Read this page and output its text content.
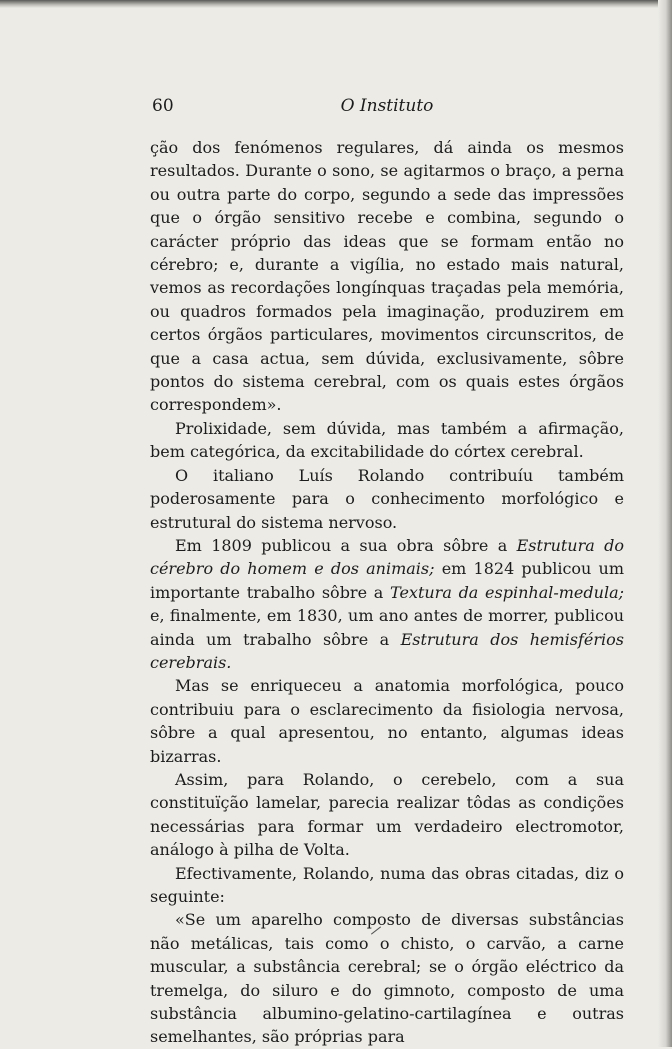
60	O Instituto

ção dos fenómenos regulares, dá ainda os mesmos resultados. Durante o sono, se agitarmos o braço, a perna ou outra parte do corpo, segundo a sede das impressões que o órgão sensitivo recebe e combina, segundo o carácter próprio das ideas que se formam então no cérebro; e, durante a vigília, no estado mais natural, vemos as recordações longínquas traçadas pela memória, ou quadros formados pela imaginação, produzirem em certos órgãos particulares, movimentos circunscritos, de que a casa actua, sem dúvida, exclusivamente, sôbre pontos do sistema cerebral, com os quais estes órgãos correspondem».

Prolixidade, sem dúvida, mas também a afirmação, bem categórica, da excitabilidade do córtex cerebral.

O italiano Luís Rolando contribuíu também poderosamente para o conhecimento morfológico e estrutural do sistema nervoso.

Em 1809 publicou a sua obra sôbre a Estrutura do cérebro do homem e dos animais; em 1824 publicou um importante trabalho sôbre a Textura da espinhal-medula; e, finalmente, em 1830, um ano antes de morrer, publicou ainda um trabalho sôbre a Estrutura dos hemisférios cerebrais.

Mas se enriqueceu a anatomia morfológica, pouco contribuiu para o esclarecimento da fisiologia nervosa, sôbre a qual apresentou, no entanto, algumas ideas bizarras.

Assim, para Rolando, o cerebelo, com a sua constituïção lamelar, parecia realizar tôdas as condições necessárias para formar um verdadeiro electromotor, análogo à pilha de Volta.

Efectivamente, Rolando, numa das obras citadas, diz o seguinte:

«Se um aparelho composto de diversas substâncias não metálicas, tais como o chisto, o carvão, a carne muscular, a substância cerebral; se o órgão eléctrico da tremelga, do siluro e do gimnoto, composto de uma substância albumino-gelatino-cartilagínea e outras semelhantes, são próprias para
